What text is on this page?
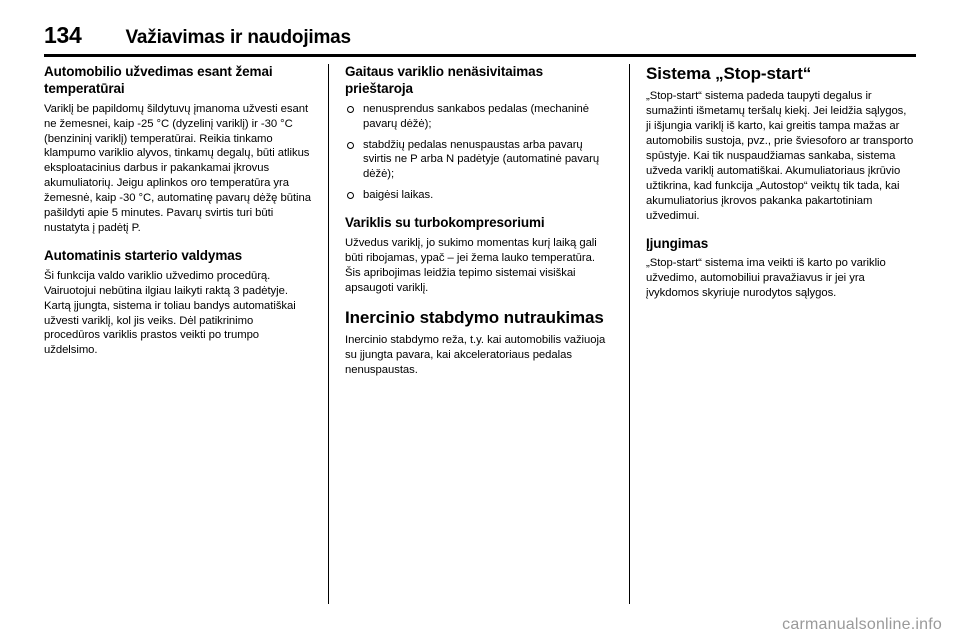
134 Važiavimas ir naudojimas
Automobilio užvedimas esant žemai temperatūrai

Variklį be papildomų šildytuvų įmanoma užvesti esant ne žemesnei, kaip -25 °C (dyzelinį variklį) ir -30 °C (benzininį variklį) temperatūrai. Reikia tinkamo klampumo variklio alyvos, tinkamų degalų, būti atlikus eksploatacinius darbus ir pakankamai įkrovus akumuliatorių. Jeigu aplinkos oro temperatūra yra žemesnė, kaip -30 °C, automatinę pavarų dėžę būtina pašildyti apie 5 minutes. Pavarų svirtis turi būti nustatyta į padėtį P.

Automatinis starterio valdymas

Ši funkcija valdo variklio užvedimo procedūrą. Vairuotojui nebūtina ilgiau laikyti raktą 3 padėtyje. Kartą įjungta, sistema ir toliau bandys automatiškai užvesti variklį, kol jis veiks. Dėl patikrinimo procedūros variklis prastos veikti po trumpo uždelsimo.

Gaitaus variklio nenäsivitaimas prieštaroja
nenusprendus sankabos pedalas (mechaninė pavarų dėžė);
stabdžių pedalas nenuspaustas arba pavarų svirtis ne P arba N padėtyje (automatinė pavarų dėžė);
baigėsi laikas.
Variklis su turbokompresoriumi

Užvedus variklį, jo sukimo momentas kurį laiką gali būti ribojamas, ypač – jei žema lauko temperatūra. Šis apribojimas leidžia tepimo sistemai visiškai apsaugoti variklį.

Inercinio stabdymo nutraukimas

Inercinio stabdymo reža, t.y. kai automobilis važiuoja su įjungta pavara, kai akceleratoriaus pedalas nenuspaustas.

Sistema „Stop-start“

„Stop-start“ sistema padeda taupyti degalus ir sumažinti išmetamų teršalų kiekį. Jei leidžia sąlygos, ji išjungia variklį iš karto, kai greitis tampa mažas ar automobilis sustoja, pvz., prie šviesoforo ar transporto spūstyje. Kai tik nuspaudžiamas sankaba, sistema užveda variklį automatiškai. Akumuliatoriaus įkrūvio užtikrina, kad funkcija „Autostop“ veiktų tik tada, kai akumuliatorius įkrovos pakanka pakartotiniam užvedimui.

Įjungimas

„Stop-start“ sistema ima veikti iš karto po variklio užvedimo, automobiliui pravažiavus ir jei yra įvykdomos skyriuje nurodytos sąlygos.

carmanualsonline.info
